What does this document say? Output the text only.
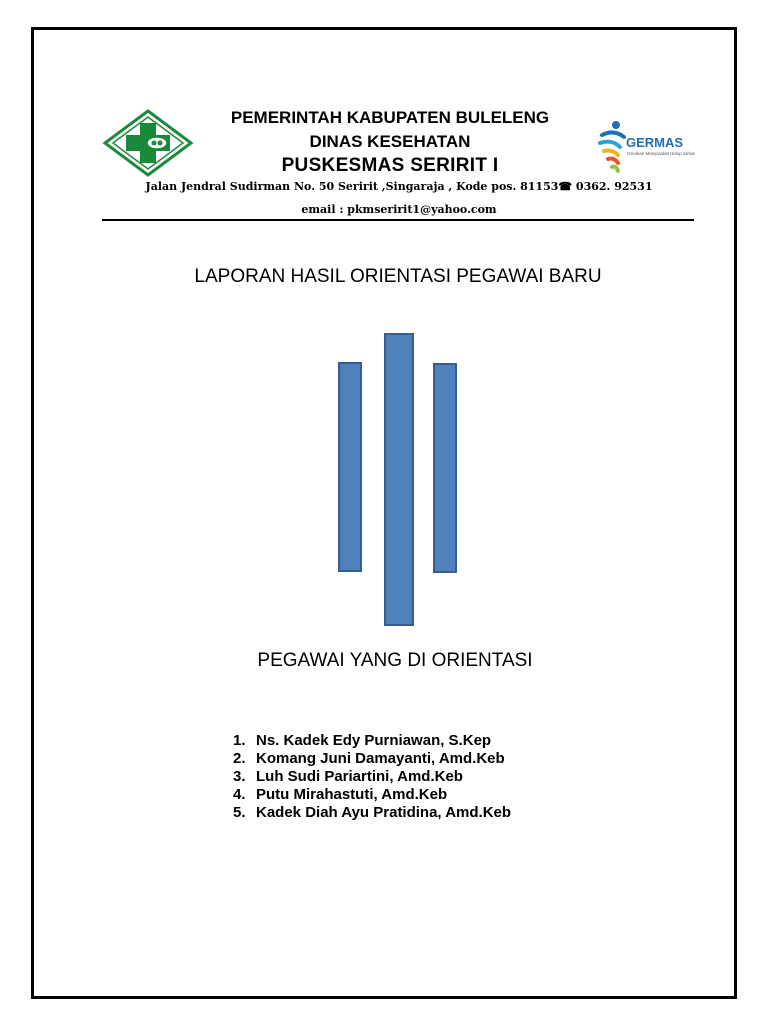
PEMERINTAH KABUPATEN BULELENG
DINAS KESEHATAN
PUSKESMAS SERIRIT I
GERMAS
Gerakan Masyarakat Hidup Sehat
Jalan Jendral Sudirman No. 50 Seririt ,Singaraja , Kode pos. 81153☎ 0362. 92531
email : pkmseririt1@yahoo.com
LAPORAN HASIL ORIENTASI PEGAWAI BARU
PEGAWAI YANG DI ORIENTASI
1. Ns. Kadek Edy Purniawan, S.Kep
2. Komang Juni Damayanti, Amd.Keb
3. Luh Sudi Pariartini, Amd.Keb
4. Putu Mirahastuti, Amd.Keb
5. Kadek Diah Ayu Pratidina, Amd.Keb
